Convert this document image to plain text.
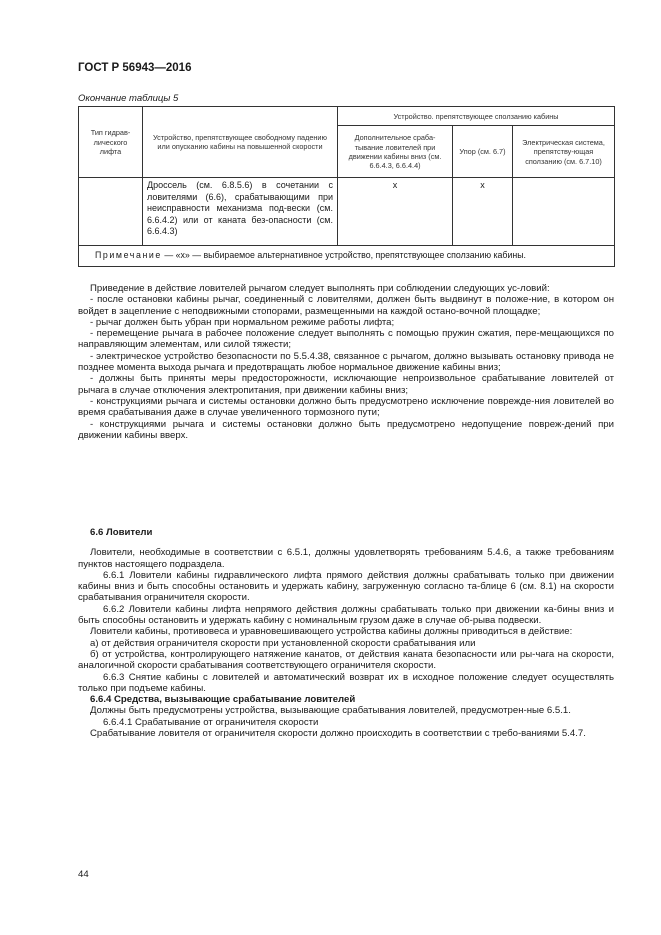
ГОСТ Р 56943—2016
Окончание таблицы 5
Тип гидрав-лического лифта	Устройство, препятствующее свободному падению или опусканию кабины на повышенной скорости	Устройство. препятствующее сползанию кабины		
		Дополнительное сраба-тывание ловителей при движении кабины вниз (см. 6.6.4.3, 6.6.4.4)	Упор (см. 6.7)	Электрическая система, препятству-ющая сползанию (см. 6.7.10)
	Дроссель (см. 6.8.5.6) в сочетании с ловителями (6.6), срабатывающими при неисправности механизма под-вески (см. 6.6.4.2) или от каната без-опасности (см. 6.6.4.3)	x	x	
Примечание — «x» — выбираемое альтернативное устройство, препятствующее сползанию кабины.				

Приведение в действие ловителей рычагом следует выполнять при соблюдении следующих ус-ловий:

- после остановки кабины рычаг, соединенный с ловителями, должен быть выдвинут в положе-ние, в котором он войдет в зацепление с неподвижными стопорами, размещенными на каждой остано-вочной площадке;

- рычаг должен быть убран при нормальном режиме работы лифта;

- перемещение рычага в рабочее положение следует выполнять с помощью пружин сжатия, пере-мещающихся по направляющим элементам, или силой тяжести;

- электрическое устройство безопасности по 5.5.4.38, связанное с рычагом, должно вызывать остановку привода не позднее момента выхода рычага и предотвращать любое нормальное движение кабины вниз;

- должны быть приняты меры предосторожности, исключающие непроизвольное срабатывание ловителей от рычага в случае отключения электропитания, при движении кабины вниз;

- конструкциями рычага и системы остановки должно быть предусмотрено исключение поврежде-ния ловителей во время срабатывания даже в случае увеличенного тормозного пути;

- конструкциями рычага и системы остановки должно быть предусмотрено недопущение повреж-дений при движении кабины вверх.

6.6 Ловители

Ловители, необходимые в соответствии с 6.5.1, должны удовлетворять требованиям 5.4.6, а также требованиям пунктов настоящего подраздела.

6.6.1 Ловители кабины гидравлического лифта прямого действия должны срабатывать только при движении кабины вниз и быть способны остановить и удержать кабину, загруженную согласно та-блице 6 (см. 8.1) на скорости срабатывания ограничителя скорости.

6.6.2 Ловители кабины лифта непрямого действия должны срабатывать только при движении ка-бины вниз и быть способны остановить и удержать кабину с номинальным грузом даже в случае об-рыва подвески.

Ловители кабины, противовеса и уравновешивающего устройства кабины должны приводиться в действие:

а) от действия ограничителя скорости при установленной скорости срабатывания или

б) от устройства, контролирующего натяжение канатов, от действия каната безопасности или ры-чага на скорости, аналогичной скорости срабатывания соответствующего ограничителя скорости.

6.6.3 Снятие кабины с ловителей и автоматический возврат их в исходное положение следует осуществлять только при подъеме кабины.

6.6.4 Средства, вызывающие срабатывание ловителей

Должны быть предусмотрены устройства, вызывающие срабатывания ловителей, предусмотрен-ные 6.5.1.

6.6.4.1 Срабатывание от ограничителя скорости

Срабатывание ловителя от ограничителя скорости должно происходить в соответствии с требо-ваниями 5.4.7.

44
